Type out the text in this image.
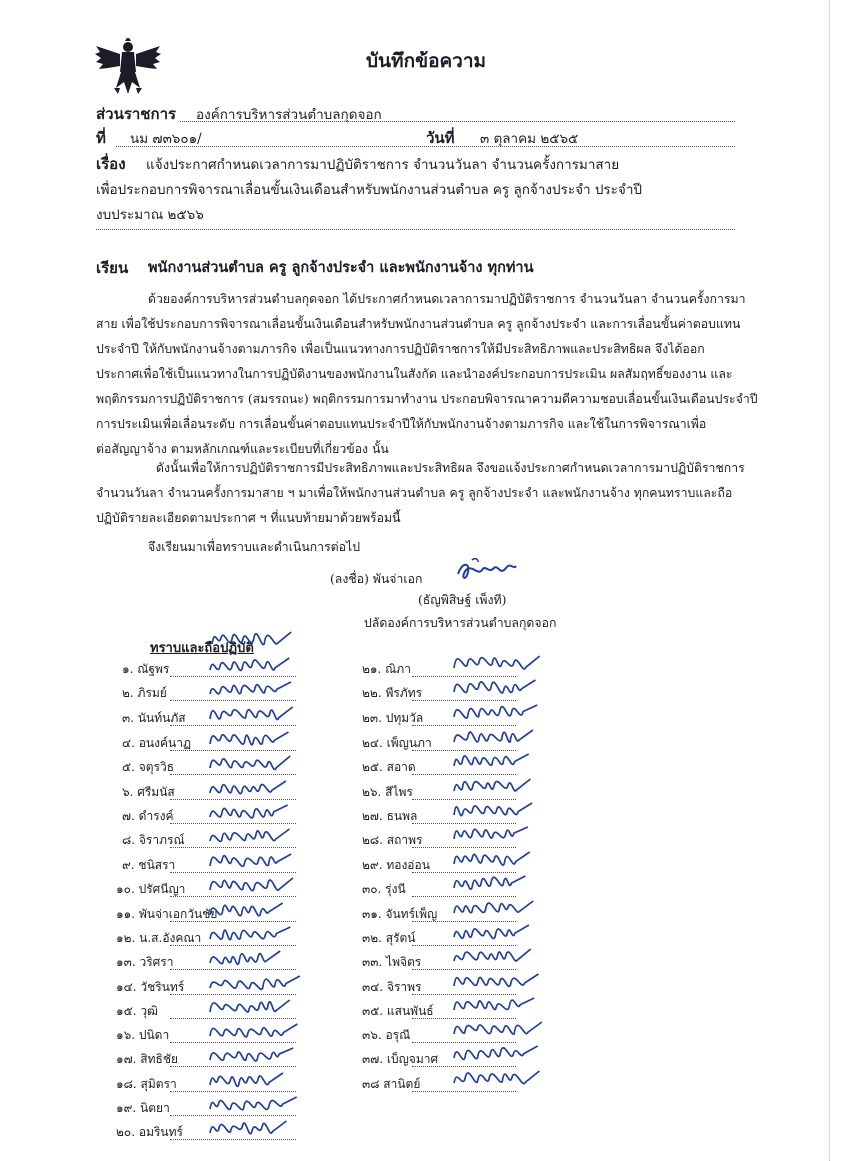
บันทึกข้อความ
ส่วนราชการ องค์การบริหารส่วนตำบลกุดจอก
ที่ นม ๗๓๖๐๑/	วันที่ ๓ ตุลาคม ๒๕๖๕
เรื่อง แจ้งประกาศกำหนดเวลาการมาปฏิบัติราชการ จำนวนวันลา จำนวนครั้งการมาสาย
เพื่อประกอบการพิจารณาเลื่อนขั้นเงินเดือนสำหรับพนักงานส่วนตำบล ครู ลูกจ้างประจำ ประจำปี
งบประมาณ ๒๕๖๖
เรียน พนักงานส่วนตำบล ครู ลูกจ้างประจำ และพนักงานจ้าง ทุกท่าน
ด้วยองค์การบริหารส่วนตำบลกุดจอก ได้ประกาศกำหนดเวลาการมาปฏิบัติราชการ จำนวนวันลา จำนวนครั้งการมา
สาย เพื่อใช้ประกอบการพิจารณาเลื่อนขั้นเงินเดือนสำหรับพนักงานส่วนตำบล ครู ลูกจ้างประจำ และการเลื่อนขั้นค่าตอบแทน
ประจำปี ให้กับพนักงานจ้างตามภารกิจ เพื่อเป็นแนวทางการปฏิบัติราชการให้มีประสิทธิภาพและประสิทธิผล จึงได้ออก
ประกาศเพื่อใช้เป็นแนวทางในการปฏิบัติงานของพนักงานในสังกัด และนำองค์ประกอบการประเมิน ผลสัมฤทธิ์ของงาน และ
พฤติกรรมการปฏิบัติราชการ (สมรรถนะ) พฤติกรรมการมาทำงาน ประกอบพิจารณาความดีความชอบเลื่อนขั้นเงินเดือนประจำปี
การประเมินเพื่อเลื่อนระดับ การเลื่อนขั้นค่าตอบแทนประจำปีให้กับพนักงานจ้างตามภารกิจ และใช้ในการพิจารณาเพื่อ
ต่อสัญญาจ้าง ตามหลักเกณฑ์และระเบียบที่เกี่ยวข้อง นั้น
ดังนั้นเพื่อให้การปฏิบัติราชการมีประสิทธิภาพและประสิทธิผล จึงขอแจ้งประกาศกำหนดเวลาการมาปฏิบัติราชการ
จำนวนวันลา จำนวนครั้งการมาสาย ฯ มาเพื่อให้พนักงานส่วนตำบล ครู ลูกจ้างประจำ และพนักงานจ้าง ทุกคนทราบและถือ
ปฏิบัติรายละเอียดตามประกาศ ฯ ที่แนบท้ายมาด้วยพร้อมนี้
จึงเรียนมาเพื่อทราบและดำเนินการต่อไป
(ลงชื่อ) พันจ่าเอก
(ธัญพิสิษฐ์ เพ็งที)
ปลัดองค์การบริหารส่วนตำบลกุดจอก
ทราบและถือปฏิบัติ
๑. ณัฐพร
๒. ภิรมย์
๓. นันท์นภัส
๔. อนงค์นาฏ
๕. จตุรวิธ
๖. ศรีมนัส
๗. ดำรงค์
๘. จิราภรณ์
๙. ชนิสรา
๑๐. ปรัศนีญา
๑๑. พันจ่าเอกวันชัย
๑๒. น.ส.อังคณา
๑๓. วริศรา
๑๔. วัชรินทร์
๑๕. วุฒิ
๑๖. ปนิดา
๑๗. สิทธิชัย
๑๘. สุมิตรา
๑๙. นิตยา
๒๐. อมรินทร์
๒๑. ณิภา
๒๒. พีรภัทร
๒๓. ปทุมวัล
๒๔. เพ็ญนภา
๒๕. สอาด
๒๖. สีไพร
๒๗. ธนพล
๒๘. สถาพร
๒๙. ทองอ่อน
๓๐. รุ่งนี
๓๑. จันทร์เพ็ญ
๓๒. สุรัตน์
๓๓. ไพจิตร
๓๔. จิราพร
๓๕. แสนพันธ์
๓๖. อรุณี
๓๗. เบ็ญจมาศ
๓๘ สานิตย์
